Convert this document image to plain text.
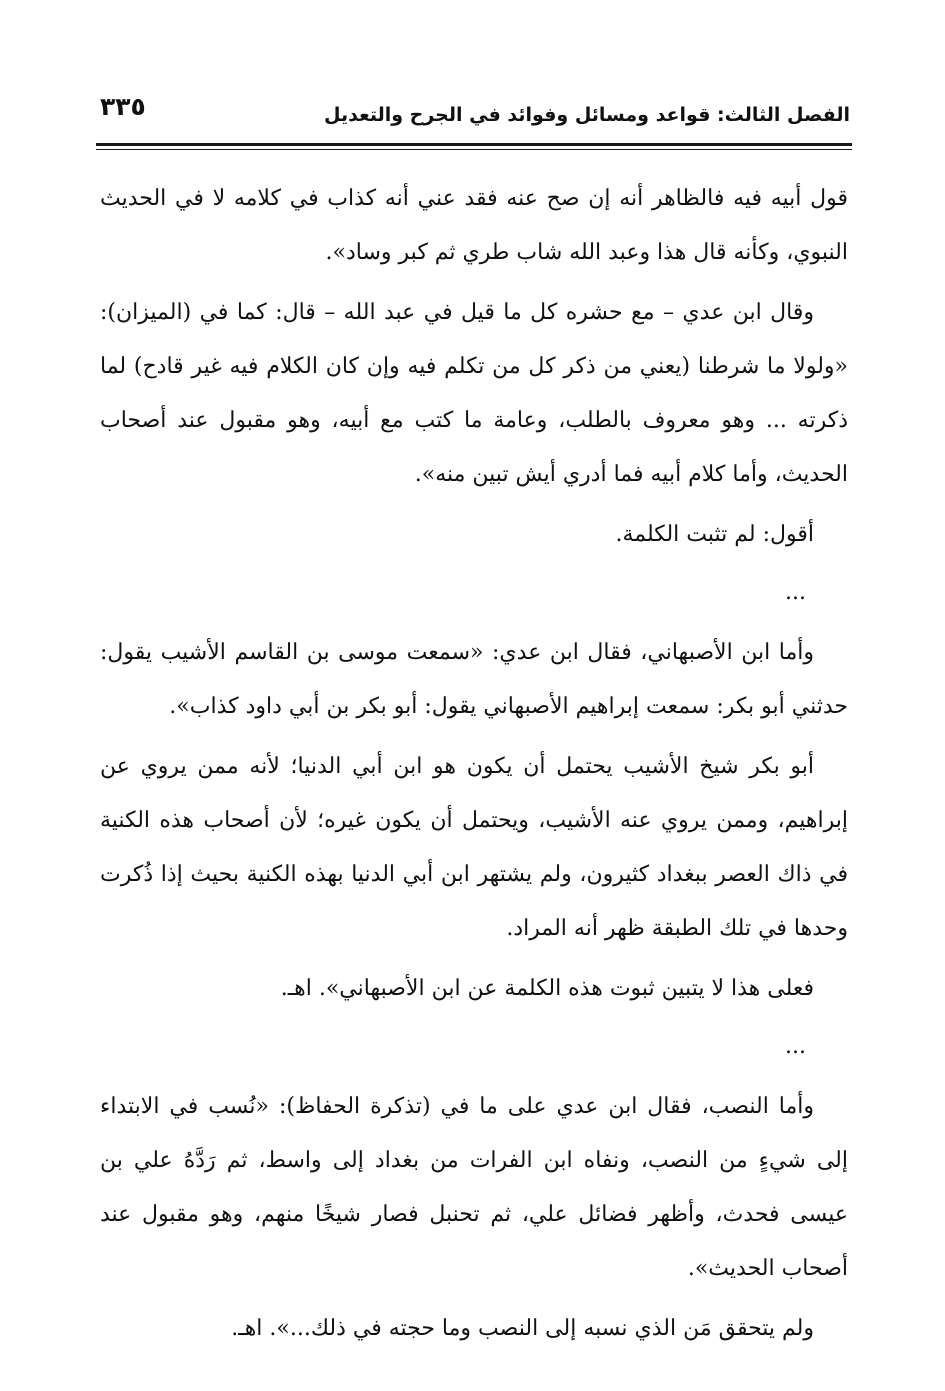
الفصل الثالث: قواعد ومسائل وفوائد في الجرح والتعديل
٣٣٥

قول أبيه فيه فالظاهر أنه إن صح عنه فقد عني أنه كذاب في كلامه لا في الحديث النبوي، وكأنه قال هذا وعبد الله شاب طري ثم كبر وساد».

وقال ابن عدي – مع حشره كل ما قيل في عبد الله – قال: كما في (الميزان): «ولولا ما شرطنا (يعني من ذكر كل من تكلم فيه وإن كان الكلام فيه غير قادح) لما ذكرته ... وهو معروف بالطلب، وعامة ما كتب مع أبيه، وهو مقبول عند أصحاب الحديث، وأما كلام أبيه فما أدري أيش تبين منه».

أقول: لم تثبت الكلمة.

...

وأما ابن الأصبهاني، فقال ابن عدي: «سمعت موسى بن القاسم الأشيب يقول: حدثني أبو بكر: سمعت إبراهيم الأصبهاني يقول: أبو بكر بن أبي داود كذاب».

أبو بكر شيخ الأشيب يحتمل أن يكون هو ابن أبي الدنيا؛ لأنه ممن يروي عن إبراهيم، وممن يروي عنه الأشيب، ويحتمل أن يكون غيره؛ لأن أصحاب هذه الكنية في ذاك العصر ببغداد كثيرون، ولم يشتهر ابن أبي الدنيا بهذه الكنية بحيث إذا ذُكرت وحدها في تلك الطبقة ظهر أنه المراد.

فعلى هذا لا يتبين ثبوت هذه الكلمة عن ابن الأصبهاني». اهـ.

...

وأما النصب، فقال ابن عدي على ما في (تذكرة الحفاظ): «نُسب في الابتداء إلى شيءٍ من النصب، ونفاه ابن الفرات من بغداد إلى واسط، ثم رَدَّهُ علي بن عيسى فحدث، وأظهر فضائل علي، ثم تحنبل فصار شيخًا منهم، وهو مقبول عند أصحاب الحديث».

ولم يتحقق مَن الذي نسبه إلى النصب وما حجته في ذلك...». اهـ.
